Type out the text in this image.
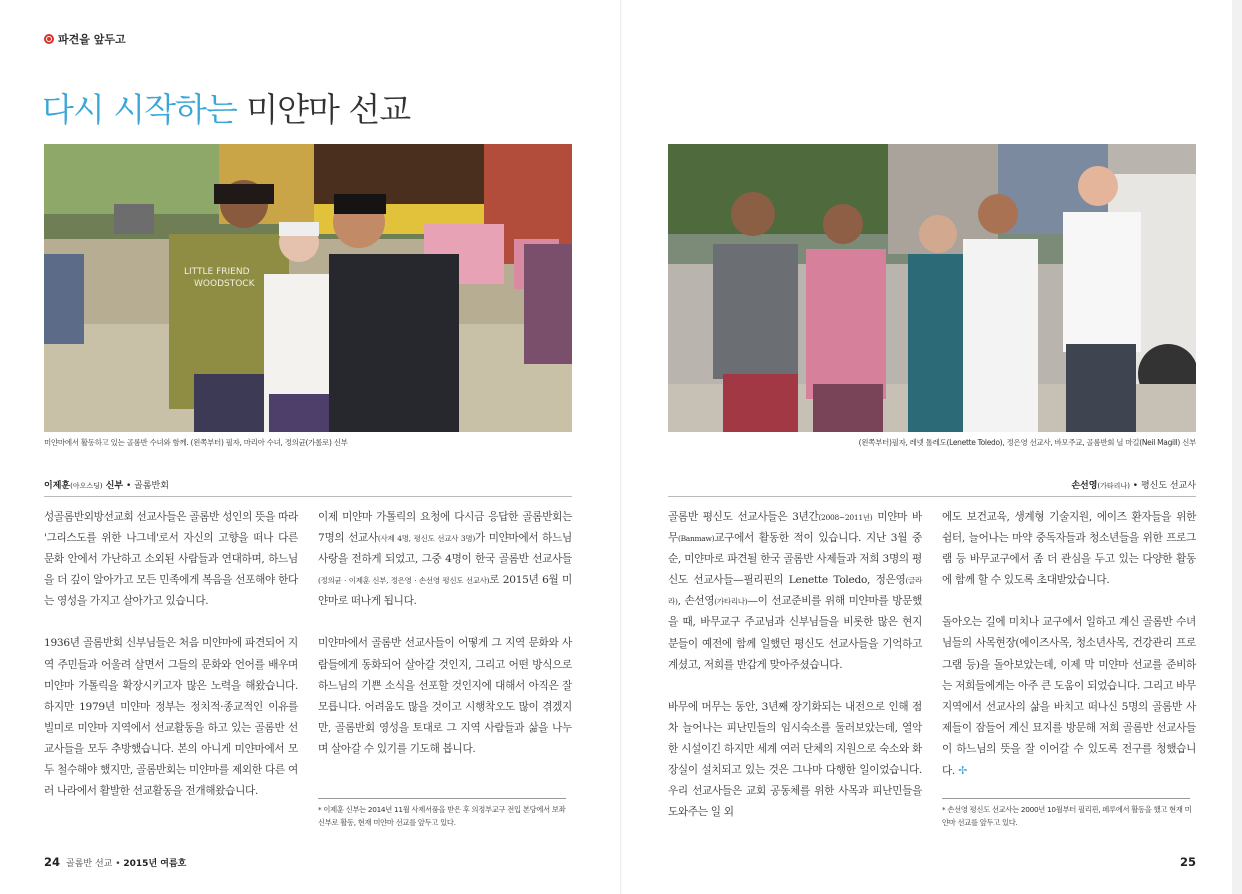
파견을 앞두고
다시 시작하는 미얀마 선교
LITTLE FRIEND
WOODSTOCK
미얀마에서 활동하고 있는 골롬반 수녀와 함께. (왼쪽부터) 필자, 마리아 수녀, 정의균(가롤로) 신부	(왼쪽부터)필자, 레넷 톨레도(Lenette Toledo), 정은영 선교사, 바모주교, 골롬반회 닐 마길(Neil Magill) 신부
이제훈(아오스딩) 신부 • 골롬반회	손선영(가타리나) • 평신도 선교사

성골롬반외방선교회 선교사들은 골롬반 성인의 뜻을 따라 '그리스도를 위한 나그네'로서 자신의 고향을 떠나 다른 문화 안에서 가난하고 소외된 사람들과 연대하며, 하느님을 더 깊이 알아가고 모든 민족에게 복음을 선포해야 한다는 영성을 가지고 살아가고 있습니다.

1936년 골롬반회 신부님들은 처음 미얀마에 파견되어 지역 주민들과 어울려 살면서 그들의 문화와 언어를 배우며 미얀마 가톨릭을 확장시키고자 많은 노력을 해왔습니다. 하지만 1979년 미얀마 정부는 정치적·종교적인 이유를 빌미로 미얀마 지역에서 선교활동을 하고 있는 골롬반 선교사들을 모두 추방했습니다. 본의 아니게 미얀마에서 모두 철수해야 했지만, 골롬반회는 미얀마를 제외한 다른 여러 나라에서 활발한 선교활동을 전개해왔습니다.

이제 미얀마 가톨릭의 요청에 다시금 응답한 골롬반회는 7명의 선교사(사제 4명, 평신도 선교사 3명)가 미얀마에서 하느님 사랑을 전하게 되었고, 그중 4명이 한국 골롬반 선교사들(정의균 · 이제훈 신부, 정은영 · 손선영 평신도 선교사)로 2015년 6월 미얀마로 떠나게 됩니다.

미얀마에서 골롬반 선교사들이 어떻게 그 지역 문화와 사람들에게 동화되어 살아갈 것인지, 그리고 어떤 방식으로 하느님의 기쁜 소식을 선포할 것인지에 대해서 아직은 잘 모릅니다. 어려움도 많을 것이고 시행착오도 많이 겪겠지만, 골롬반회 영성을 토대로 그 지역 사람들과 삶을 나누며 살아갈 수 있기를 기도해 봅니다.

* 이제훈 신부는 2014년 11월 사제서품을 받은 후 의정부교구 전입 본당에서 보좌신부로 활동, 현재 미얀마 선교를 앞두고 있다.

골롬반 평신도 선교사들은 3년간(2008~2011년) 미얀마 바무(Banmaw)교구에서 활동한 적이 있습니다. 지난 3월 중순, 미얀마로 파견될 한국 골롬반 사제들과 저희 3명의 평신도 선교사들—필리핀의 Lenette Toledo, 정은영(글라라), 손선영(가타리나)—이 선교준비를 위해 미얀마를 방문했을 때, 바무교구 주교님과 신부님들을 비롯한 많은 현지 분들이 예전에 함께 일했던 평신도 선교사들을 기억하고 계셨고, 저희를 반갑게 맞아주셨습니다.

바무에 머무는 동안, 3년째 장기화되는 내전으로 인해 점차 늘어나는 피난민들의 임시숙소를 둘러보았는데, 열악한 시설이긴 하지만 세계 여러 단체의 지원으로 숙소와 화장실이 설치되고 있는 것은 그나마 다행한 일이었습니다. 우리 선교사들은 교회 공동체를 위한 사목과 피난민들을 도와주는 일 외

에도 보건교육, 생계형 기술지원, 에이즈 환자들을 위한 쉼터, 늘어나는 마약 중독자들과 청소년들을 위한 프로그램 등 바무교구에서 좀 더 관심을 두고 있는 다양한 활동에 함께 할 수 있도록 초대받았습니다.

돌아오는 길에 미치나 교구에서 일하고 계신 골롬반 수녀님들의 사목현장(에이즈사목, 청소년사목, 건강관리 프로그램 등)을 돌아보았는데, 이제 막 미얀마 선교를 준비하는 저희들에게는 아주 큰 도움이 되었습니다. 그리고 바무지역에서 선교사의 삶을 바치고 떠나신 5명의 골롬반 사제들이 잠들어 계신 묘지를 방문해 저희 골롬반 선교사들이 하느님의 뜻을 잘 이어갈 수 있도록 전구를 청했습니다. ✢

* 손선영 평신도 선교사는 2000년 10월부터 필리핀, 페루에서 활동을 했고 현재 미얀마 선교를 앞두고 있다.
24 골롬반 선교 • 2015년 여름호	25
